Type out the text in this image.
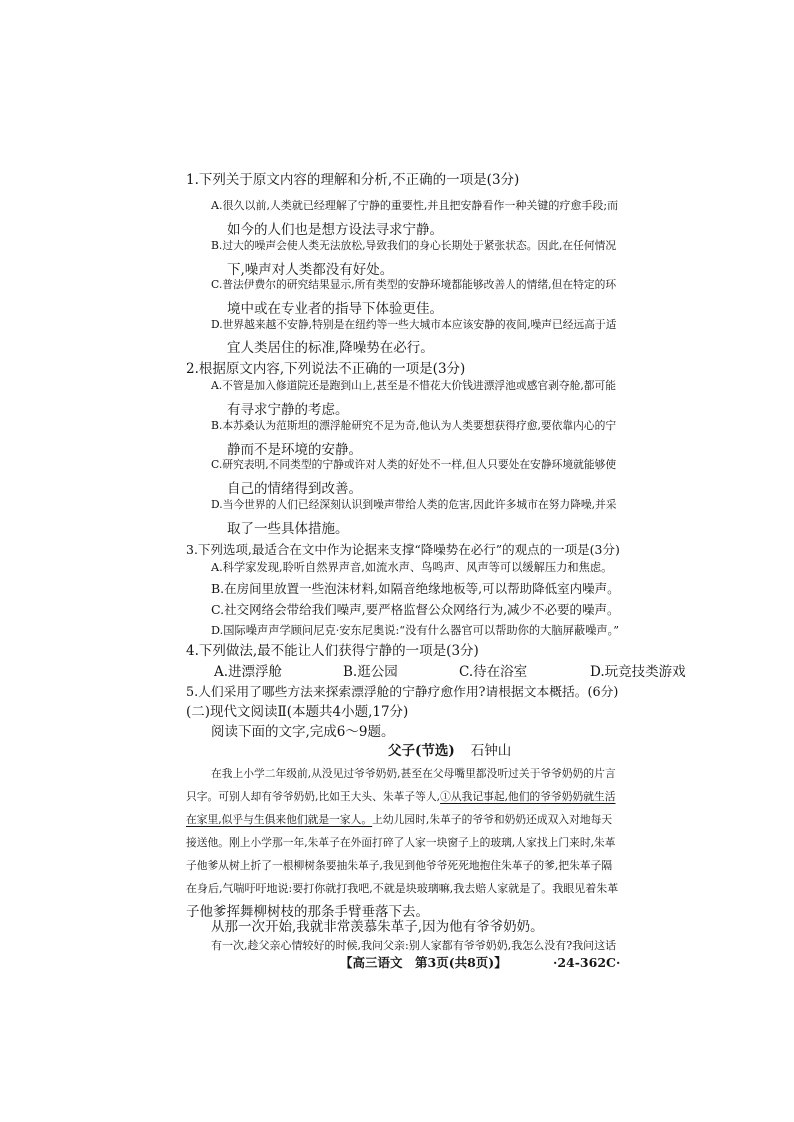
1.下列关于原文内容的理解和分析,不正确的一项是(3分)
A.很久以前,人类就已经理解了宁静的重要性,并且把安静看作一种关键的疗愈手段;而
如今的人们也是想方设法寻求宁静。
B.过大的噪声会使人类无法放松,导致我们的身心长期处于紧张状态。因此,在任何情况
下,噪声对人类都没有好处。
C.普法伊费尔的研究结果显示,所有类型的安静环境都能够改善人的情绪,但在特定的环
境中或在专业者的指导下体验更佳。
D.世界越来越不安静,特别是在纽约等一些大城市本应该安静的夜间,噪声已经远高于适
宜人类居住的标准,降噪势在必行。
2.根据原文内容,下列说法不正确的一项是(3分)
A.不管是加入修道院还是跑到山上,甚至是不惜花大价钱进漂浮池或感官剥夺舱,都可能
有寻求宁静的考虑。
B.本苏桑认为范斯坦的漂浮舱研究不足为奇,他认为人类要想获得疗愈,要依靠内心的宁
静而不是环境的安静。
C.研究表明,不同类型的宁静或许对人类的好处不一样,但人只要处在安静环境就能够使
自己的情绪得到改善。
D.当今世界的人们已经深刻认识到噪声带给人类的危害,因此许多城市在努力降噪,并采
取了一些具体措施。
3.下列选项,最适合在文中作为论据来支撑“降噪势在必行”的观点的一项是(3分)
A.科学家发现,聆听自然界声音,如流水声、鸟鸣声、风声等可以缓解压力和焦虑。
B.在房间里放置一些泡沫材料,如隔音绝缘地板等,可以帮助降低室内噪声。
C.社交网络会带给我们噪声,要严格监督公众网络行为,减少不必要的噪声。
D.国际噪声声学顾问尼克·安东尼奥说:“没有什么器官可以帮助你的大脑屏蔽噪声。”
4.下列做法,最不能让人们获得宁静的一项是(3分)
A.进漂浮舱	B.逛公园	C.待在浴室	D.玩竞技类游戏
5.人们采用了哪些方法来探索漂浮舱的宁静疗愈作用?请根据文本概括。(6分)
(二)现代文阅读Ⅱ(本题共4小题,17分)
阅读下面的文字,完成6～9题。
父子(节选) 石钟山
在我上小学二年级前,从没见过爷爷奶奶,甚至在父母嘴里都没听过关于爷爷奶奶的片言
只字。可别人却有爷爷奶奶,比如王大头、朱革子等人,①从我记事起,他们的爷爷奶奶就生活
在家里,似乎与生俱来他们就是一家人。上幼儿园时,朱革子的爷爷和奶奶还成双入对地每天
接送他。刚上小学那一年,朱革子在外面打碎了人家一块窗子上的玻璃,人家找上门来时,朱革
子他爹从树上折了一根柳树条要抽朱革子,我见到他爷爷死死地抱住朱革子的爹,把朱革子隔
在身后,气喘吁吁地说:要打你就打我吧,不就是块玻璃嘛,我去赔人家就是了。我眼见着朱革
子他爹挥舞柳树枝的那条手臂垂落下去。
从那一次开始,我就非常羡慕朱革子,因为他有爷爷奶奶。
有一次,趁父亲心情较好的时候,我问父亲:别人家都有爷爷奶奶,我怎么没有?我问这话
【高三语文　第3页(共8页)】	·24-362C·
